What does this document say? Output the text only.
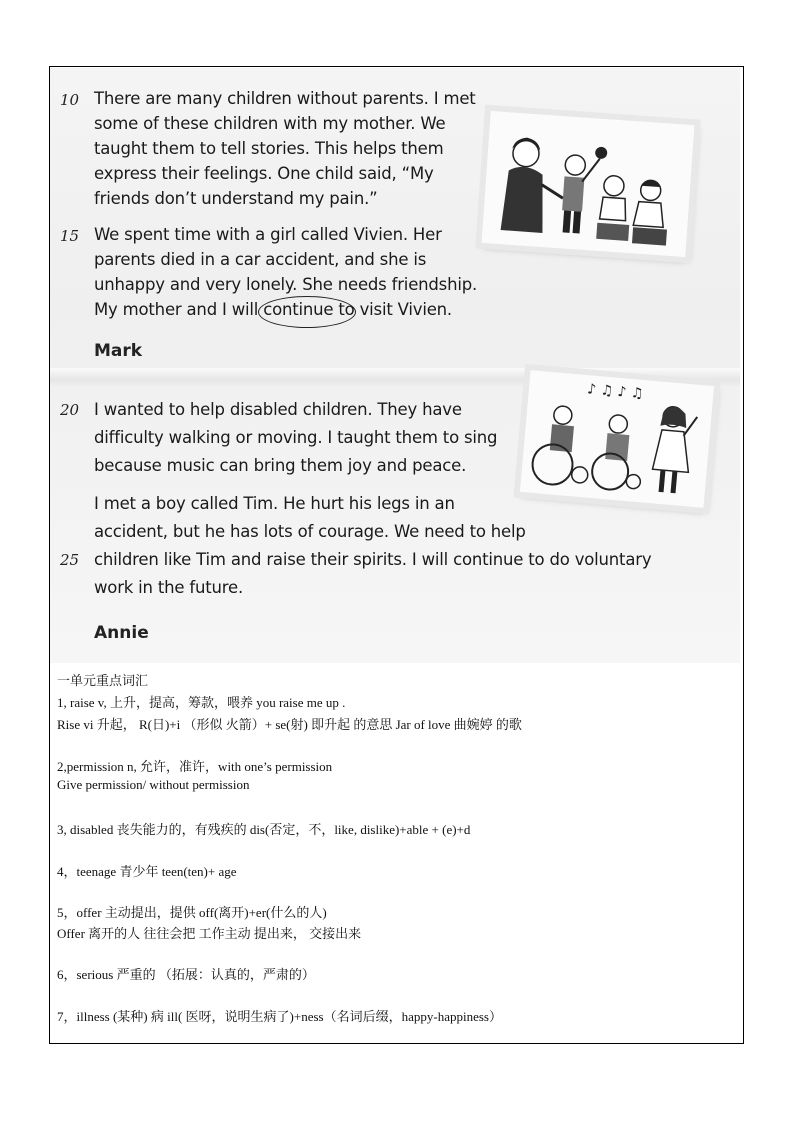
10
15
20
25
There are many children without parents. I met
some of these children with my mother. We
taught them to tell stories. This helps them
express their feelings. One child said, “My
friends don’t understand my pain.”
We spent time with a girl called Vivien. Her
parents died in a car accident, and she is
unhappy and very lonely. She needs friendship.
My mother and I will continue to visit Vivien.
Mark
I wanted to help disabled children. They have
difficulty walking or moving. I taught them to sing
because music can bring them joy and peace.
I met a boy called Tim. He hurt his legs in an
accident, but he has lots of courage. We need to help
children like Tim and raise their spirits. I will continue to do voluntary
work in the future.
Annie
♪ ♫ ♪ ♫
一单元重点词汇
1, raise v, 上升，提高，筹款，喂养 you raise me up .
Rise vi 升起， R(日)+i （形似 火箭）+ se(射) 即升起 的意思 Jar of love 曲婉婷 的歌
2,permission n, 允许，准许，with one’s permission
Give permission/ without permission
3, disabled 丧失能力的，有残疾的 dis(否定，不，like, dislike)+able + (e)+d
4，teenage 青少年 teen(ten)+ age
5，offer 主动提出，提供 off(离开)+er(什么的人)
Offer 离开的人 往往会把 工作主动 提出来， 交接出来
6，serious 严重的 （拓展：认真的，严肃的）
7，illness (某种) 病 ill( 医呀，说明生病了)+ness（名词后缀，happy-happiness）
